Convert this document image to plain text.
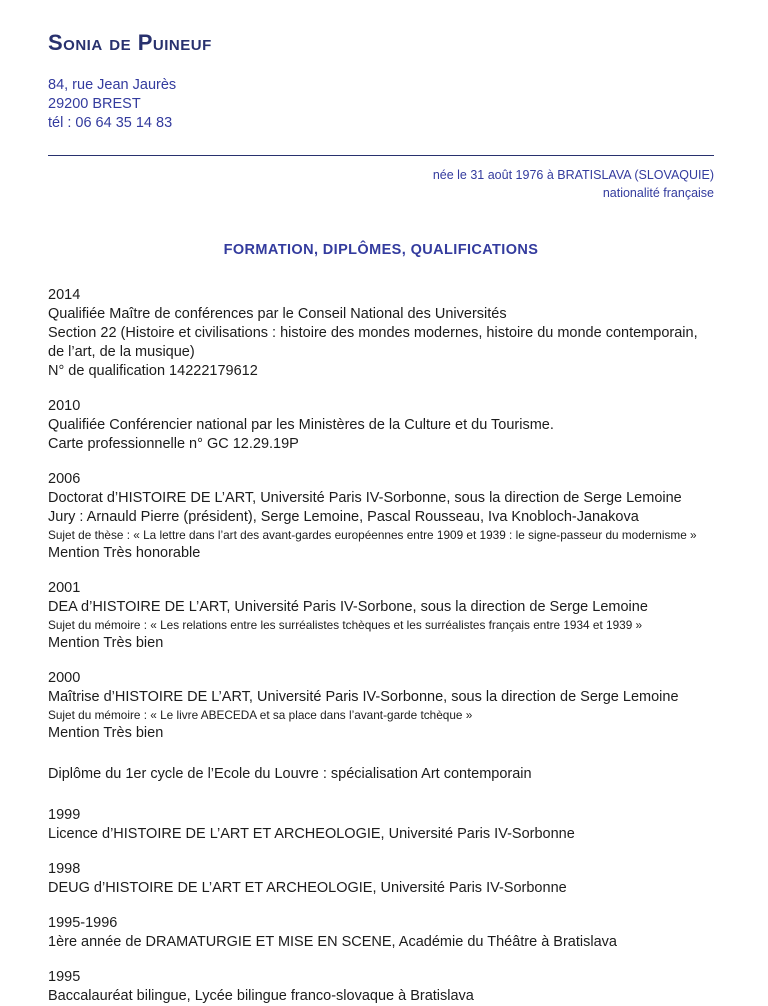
Sonia de Puineuf
84, rue Jean Jaurès
29200 BREST
tél : 06 64 35 14 83
née le 31 août 1976 à BRATISLAVA (SLOVAQUIE)
nationalité française
FORMATION, DIPLÔMES, QUALIFICATIONS
2014
Qualifiée Maître de conférences par le Conseil National des Universités
Section 22 (Histoire et civilisations : histoire des mondes modernes, histoire du monde contemporain, de l’art, de la musique)
N° de qualification 14222179612
2010
Qualifiée Conférencier national par les Ministères de la Culture et du Tourisme.
Carte professionnelle n° GC 12.29.19P
2006
Doctorat d’HISTOIRE DE L’ART, Université Paris IV-Sorbonne, sous la direction de Serge Lemoine
Jury : Arnauld Pierre (président), Serge Lemoine, Pascal Rousseau, Iva Knobloch-Janakova
Sujet de thèse : « La lettre dans l’art des avant-gardes européennes entre 1909 et 1939 : le signe-passeur du modernisme »
Mention Très honorable
2001
DEA d’HISTOIRE DE L’ART, Université Paris IV-Sorbone, sous la direction de Serge Lemoine
Sujet du mémoire : « Les relations entre les surréalistes tchèques et les surréalistes français entre 1934 et 1939 »
Mention Très bien
2000
Maîtrise d’HISTOIRE DE L’ART, Université Paris IV-Sorbonne, sous la direction de Serge Lemoine
Sujet du mémoire : « Le livre ABECEDA et sa place dans l’avant-garde tchèque »
Mention Très bien
Diplôme du 1er cycle de l’Ecole du Louvre : spécialisation Art contemporain
1999
Licence d’HISTOIRE DE L’ART ET ARCHEOLOGIE, Université Paris IV-Sorbonne
1998
DEUG d’HISTOIRE DE L’ART ET ARCHEOLOGIE, Université Paris IV-Sorbonne
1995-1996
1ère année de DRAMATURGIE ET MISE EN SCENE, Académie du Théâtre à Bratislava
1995
Baccalauréat bilingue, Lycée bilingue franco-slovaque à Bratislava
